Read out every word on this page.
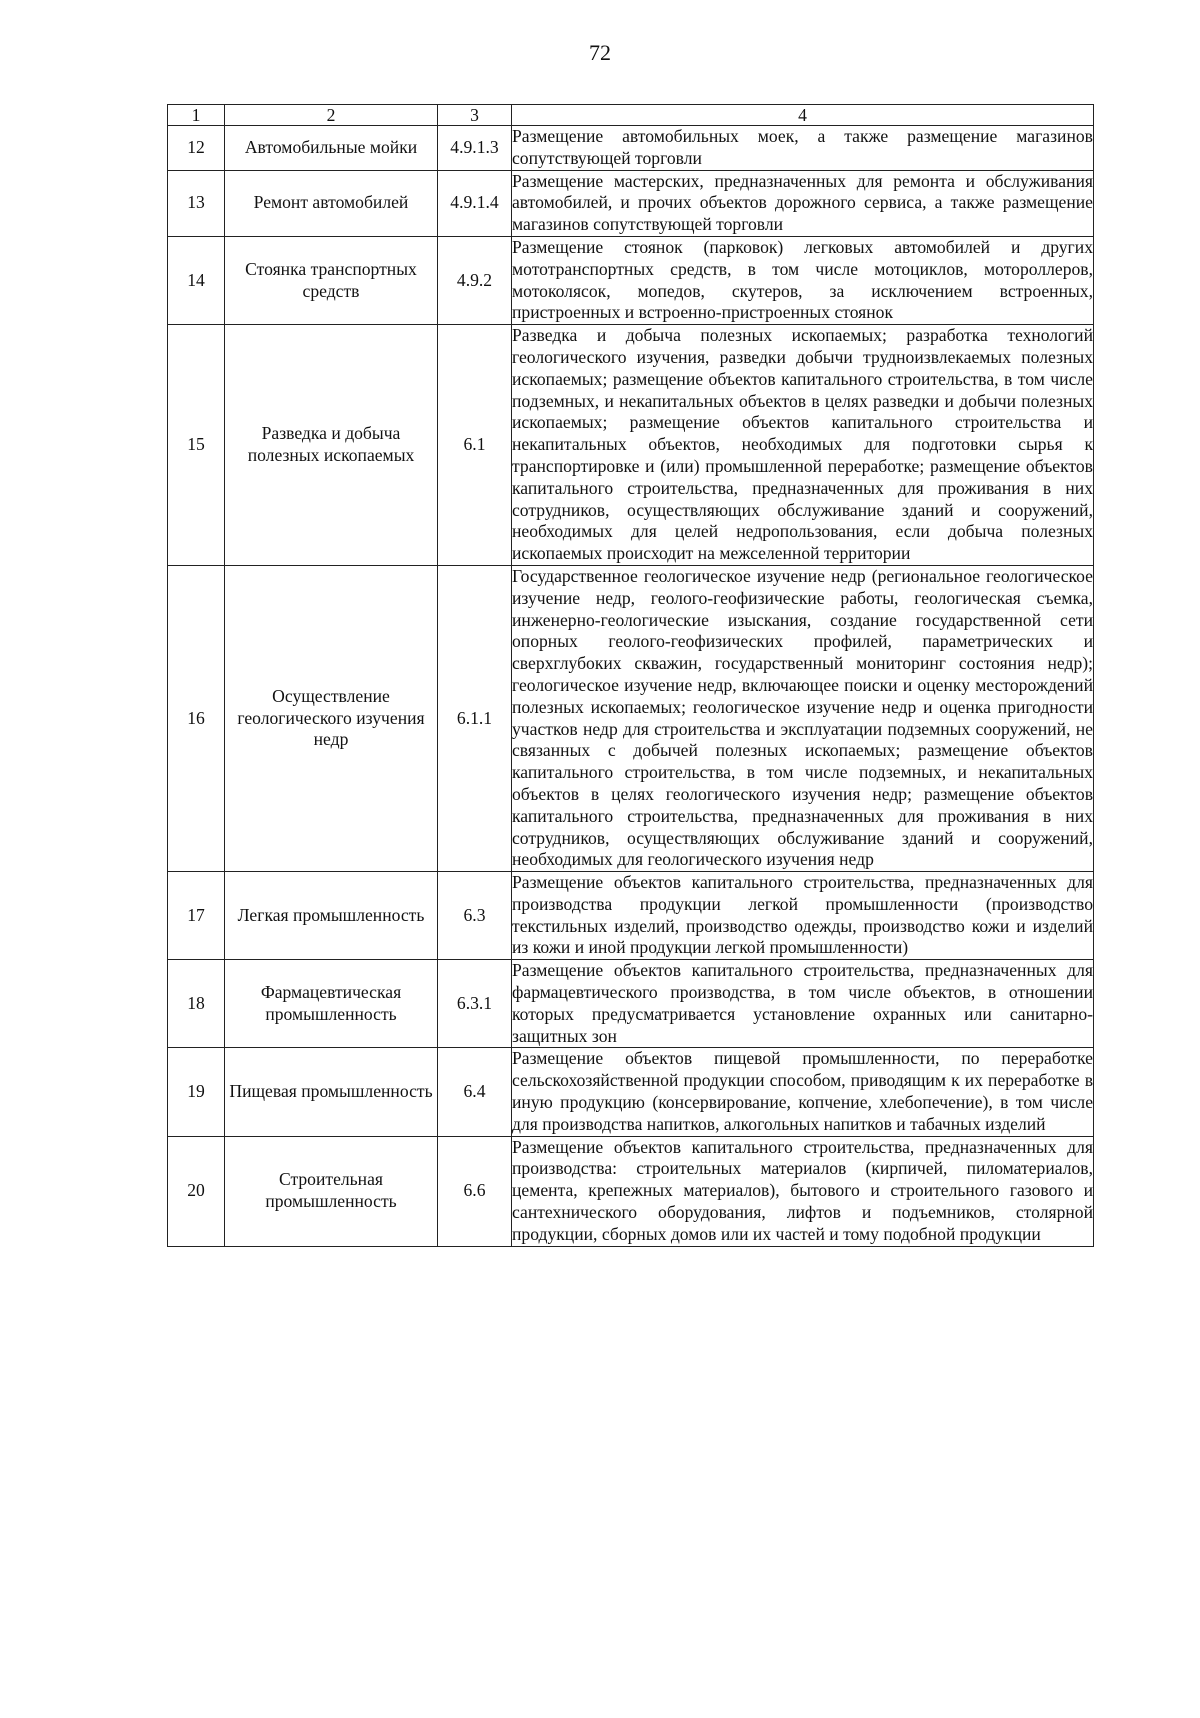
72
1	2	3	4
12	Автомобильные мойки	4.9.1.3	Размещение автомобильных моек, а также размещение магазинов сопутствующей торговли
13	Ремонт автомобилей	4.9.1.4	Размещение мастерских, предназначенных для ремонта и обслуживания автомобилей, и прочих объектов дорожного сервиса, а также размещение магазинов сопутствующей торговли
14	Стоянка транспортных средств	4.9.2	Размещение стоянок (парковок) легковых автомобилей и других мототранспортных средств, в том числе мотоциклов, мотороллеров, мотоколясок, мопедов, скутеров, за исключением встроенных, пристроенных и встроенно-пристроенных стоянок
15	Разведка и добыча полезных ископаемых	6.1	Разведка и добыча полезных ископаемых; разработка технологий геологического изучения, разведки добычи трудноизвлекаемых полезных ископаемых; размещение объектов капитального строительства, в том числе подземных, и некапитальных объектов в целях разведки и добычи полезных ископаемых; размещение объектов капитального строительства и некапитальных объектов, необходимых для подготовки сырья к транспортировке и (или) промышленной переработке; размещение объектов капитального строительства, предназначенных для проживания в них сотрудников, осуществляющих обслуживание зданий и сооружений, необходимых для целей недропользования, если добыча полезных ископаемых происходит на межселенной территории
16	Осуществление геологического изучения недр	6.1.1	Государственное геологическое изучение недр (региональное геологическое изучение недр, геолого-геофизические работы, геологическая съемка, инженерно-геологические изыскания, создание государственной сети опорных геолого-геофизических профилей, параметрических и сверхглубоких скважин, государственный мониторинг состояния недр); геологическое изучение недр, включающее поиски и оценку месторождений полезных ископаемых; геологическое изучение недр и оценка пригодности участков недр для строительства и эксплуатации подземных сооружений, не связанных с добычей полезных ископаемых; размещение объектов капитального строительства, в том числе подземных, и некапитальных объектов в целях геологического изучения недр; размещение объектов капитального строительства, предназначенных для проживания в них сотрудников, осуществляющих обслуживание зданий и сооружений, необходимых для геологического изучения недр
17	Легкая промышленность	6.3	Размещение объектов капитального строительства, предназначенных для производства продукции легкой промышленности (производство текстильных изделий, производство одежды, производство кожи и изделий из кожи и иной продукции легкой промышленности)
18	Фармацевтическая промышленность	6.3.1	Размещение объектов капитального строительства, предназначенных для фармацевтического производства, в том числе объектов, в отношении которых предусматривается установление охранных или санитарно-защитных зон
19	Пищевая промышленность	6.4	Размещение объектов пищевой промышленности, по переработке сельскохозяйственной продукции способом, приводящим к их переработке в иную продукцию (консервирование, копчение, хлебопечение), в том числе для производства напитков, алкогольных напитков и табачных изделий
20	Строительная промышленность	6.6	Размещение объектов капитального строительства, предназначенных для производства: строительных материалов (кирпичей, пиломатериалов, цемента, крепежных материалов), бытового и строительного газового и сантехнического оборудования, лифтов и подъемников, столярной продукции, сборных домов или их частей и тому подобной продукции
